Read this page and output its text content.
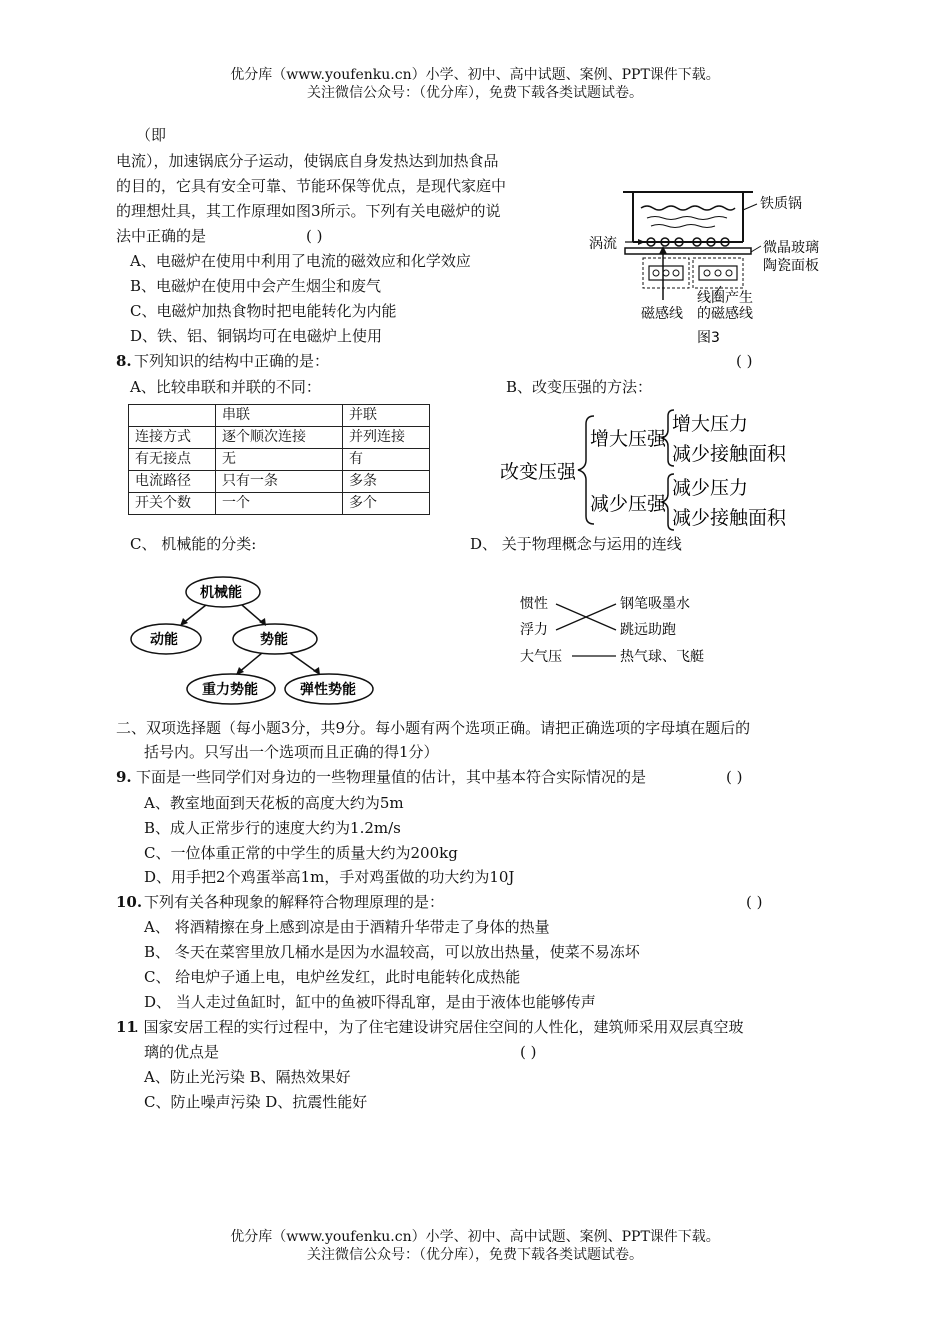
优分库（www.youfenku.cn）小学、初中、高中试题、案例、PPT课件下载。
关注微信公众号：（优分库），免费下载各类试题试卷。
（即
电流），加速锅底分子运动，使锅底自身发热达到加热食品
的目的，它具有安全可靠、节能环保等优点，是现代家庭中
的理想灶具，其工作原理如图3所示。下列有关电磁炉的说
法中正确的是	( )
A、电磁炉在使用中利用了电流的磁效应和化学效应
B、电磁炉在使用中会产生烟尘和废气
C、电磁炉加热食物时把电能转化为内能
D、铁、铝、铜锅均可在电磁炉上使用
铁质锅
涡流	微晶玻璃
陶瓷面板
磁感线
线圈产生
的磁感线
图3
8. 下列知识的结构中正确的是：	( )
A、比较串联和并联的不同：	B、改变压强的方法：
	串联	并联
连接方式	逐个顺次连接	并列连接
有无接点	无	有
电流路径	只有一条	多条
开关个数	一个	多个
改变压强
增大压强
增大压力
减少接触面积
减少压强
减少压力
减少接触面积
C、 机械能的分类:	D、 关于物理概念与运用的连线
机械能
动能	势能
重力势能	弹性势能
惯性
浮力
大气压
钢笔吸墨水
跳远助跑
热气球、飞艇
二、双项选择题（每小题3分，共9分。每小题有两个选项正确。请把正确选项的字母填在题后的
括号内。只写出一个选项而且正确的得1分）
9. 下面是一些同学们对身边的一些物理量值的估计，其中基本符合实际情况的是	( )
A、教室地面到天花板的高度大约为5m
B、成人正常步行的速度大约为1.2m/s
C、一位体重正常的中学生的质量大约为200kg
D、用手把2个鸡蛋举高1m，手对鸡蛋做的功大约为10J
10. 下列有关各种现象的解释符合物理原理的是：	( )
A、 将酒精擦在身上感到凉是由于酒精升华带走了身体的热量
B、 冬天在菜窖里放几桶水是因为水温较高，可以放出热量，使菜不易冻坏
C、 给电炉子通上电，电炉丝发红，此时电能转化成热能
D、 当人走过鱼缸时，缸中的鱼被吓得乱窜，是由于液体也能够传声
11
. 国家安居工程的实行过程中，为了住宅建设讲究居住空间的人性化，建筑师采用双层真空玻
璃的优点是	( )
A、防止光污染 B、隔热效果好
C、防止噪声污染 D、抗震性能好
优分库（www.youfenku.cn）小学、初中、高中试题、案例、PPT课件下载。
关注微信公众号：（优分库），免费下载各类试题试卷。
